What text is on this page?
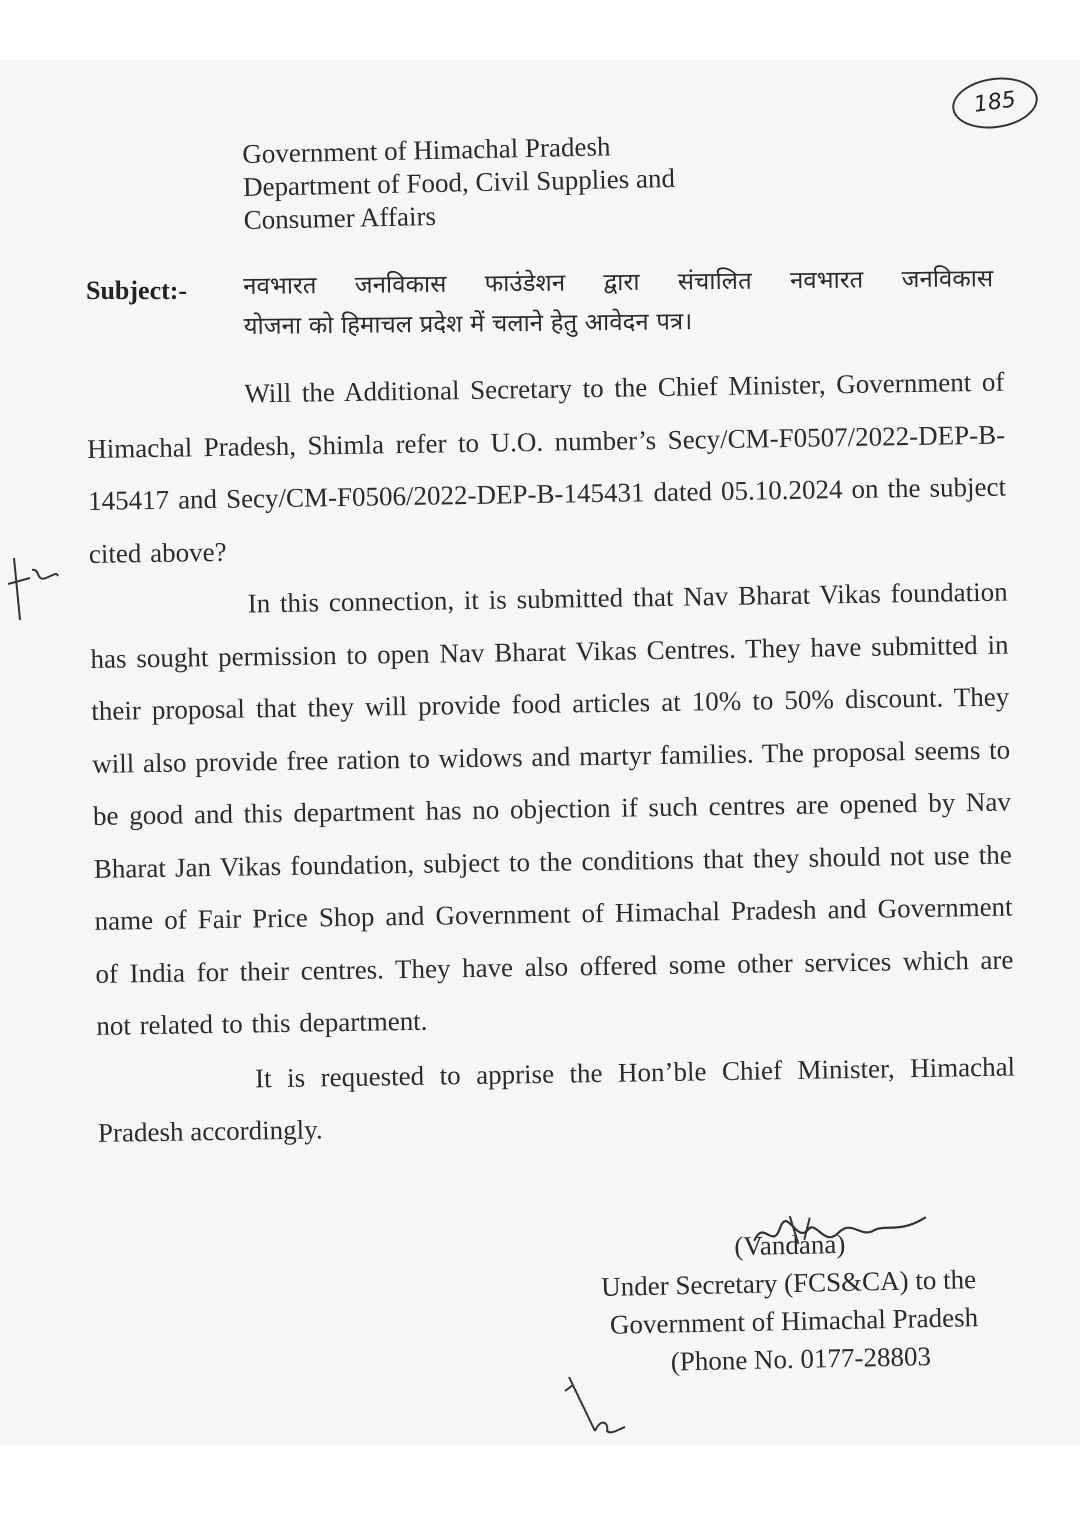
185
Government of Himachal Pradesh
Department of Food, Civil Supplies and
Consumer Affairs
Subject:- नवभारत जनविकास फाउंडेशन द्वारा संचालित नवभारत जनविकास
योजना को हिमाचल प्रदेश में चलाने हेतु आवेदन पत्र।

Will the Additional Secretary to the Chief Minister, Government of Himachal Pradesh, Shimla refer to U.O. number’s Secy/CM-F0507/2022-DEP-B-145417 and Secy/CM-F0506/2022-DEP-B-145431 dated 05.10.2024 on the subject cited above?

In this connection, it is submitted that Nav Bharat Vikas foundation has sought permission to open Nav Bharat Vikas Centres. They have submitted in their proposal that they will provide food articles at 10% to 50% discount. They will also provide free ration to widows and martyr families. The proposal seems to be good and this department has no objection if such centres are opened by Nav Bharat Jan Vikas foundation, subject to the conditions that they should not use the name of Fair Price Shop and Government of Himachal Pradesh and Government of India for their centres. They have also offered some other services which are not related to this department.

It is requested to apprise the Hon’ble Chief Minister, Himachal Pradesh accordingly.

(Vandana)
Under Secretary (FCS&CA) to the
Government of Himachal Pradesh
(Phone No. 0177-28803
